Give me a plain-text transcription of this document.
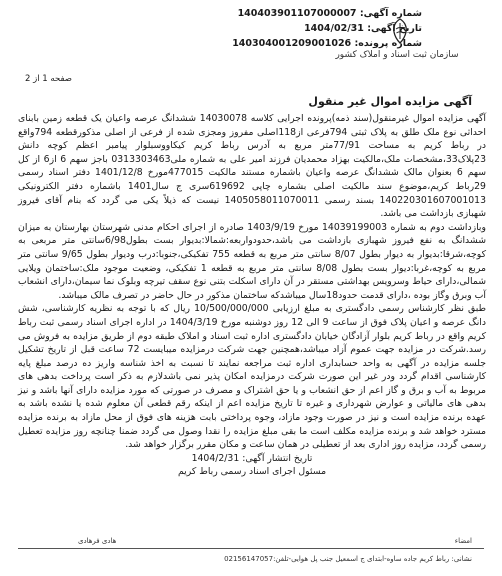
سازمان ثبت اسناد و املاک کشور
شماره آگهی: 140403901107000007
تاریخ آگهی: 1404/02/31
شماره پرونده: 140304001209001026
صفحه 1 از 2
آگهی مزایده اموال غیر منقول

آگهی مزایده اموال غیرمنقول(سند ذمه)پرونده اجرایی کلاسه 14030078 ششدانگ عرصه واعیان یک قطعه زمین بابنای احداثی نوع ملک طلق به پلاک ثبتی 794فرعی از118اصلی مفروز ومجزی شده از فرعی از اصلی مذکورقطعه 794واقع در رباط کریم به مساحت 77/91متر مربع به آدرس رباط کریم کیکاووسبلوار پیامبر اعظم کوچه دانش 23پلاک33،مشخصات ملک،مالکیت بهزاد محمدیان فرزند امیر علی به شماره ملی0313303463 باجز سهم 6 از6 از کل سهم 6 بعنوان مالک ششدانگ عرصه واعیان باشماره مستند مالکیت 477015مورخ 1401/12/8 دفتر اسناد رسمی 29رباط کریم،موضوع سند مالکیت اصلی بشماره چاپی 619692سری ج سال1401 باشماره دفتر الکترونیکی 140220301607001013 بسند رسمی 1405058011070011 نیست که ذیلاً یکی می گردد که بنام آقای فیروز شهبازی بازداشت می باشد.

وبازداشت دوم به شماره 14039199003 مورخ 1403/9/19 صادره از اجرای احکام مدنی شهرستان بهارستان به میزان ششدانگ به نفع فیروز شهبازی بازداشت می باشد،حدودواربعه:شمالا:بدیوار بست بطول6/98سانتی متر مربعی به کوچه،شرقا:بدیوار به دیوار بطول 8/07 سانتی متر مربع به قطعه 755 تفکیکی،جنوبا:درب ودیوار بطول 9/65 سانتی متر مربع به کوچه،غربا:دیوار بست بطول 8/08 سانتی متر مربع به قطعه 1 تفکیکی، وضعیت موجود ملک:ساختمان ویلایی شمالی،دارای حیاط وسرویس بهداشتی مستقر در آن دارای اسکلت بتنی نوع سقف تیرچه وبلوک نما سیمان،دارای انشعاب آب وبرق وگاز بوده ،دارای قدمت حدود18سال میباشدکه ساختمان مذکور در حال حاضر در تصرف مالک میباشد.

طبق نظر کارشناس رسمی دادگستری به مبلغ ارزیابی 10/500/000/000 ریال که با توجه به نظریه کارشناسی، شش دانگ عرصه و اعیان پلاک فوق از ساعت 9 الی 12 روز دوشنبه مورخ 1404/3/19 در اداره اجرای اسناد رسمی ثبت رباط کریم واقع در رباط کریم بلوار آزادگان خیابان دادگستری اداره ثبت اسناد و املاک طبقه دوم از طریق مزایده به فروش می رسد.شرکت در مزایده جهت عموم آزاد میباشد،همچنین جهت شرکت درمزایده میبایست 72 ساعت قبل از تاریخ تشکیل جلسه مزایده در آگهی به واحد حسابداری اداره ثبت مراجعه نمایند تا نسبت به اخذ شناسه واریز ده درصد مبلغ پایه کارشناسی اقدام گردد ودر غیر این صورت شرکت درمزایده امکان پذیر نمی باشدلازم به ذکر است پرداخت بدهی های مربوط به آب و برق و گاز اعم از حق انشعاب و یا حق اشتراک و مصرف در صورتی که مورد مزایده دارای آنها باشد و نیز بدهی های مالیاتی و عوارض شهرداری و غیره تا تاریخ مزایده اعم از اینکه رقم قطعی آن معلوم شده یا نشده باشد به عهده برنده مزایده است و نیز در صورت وجود مازاد، وجوه پرداختی بابت هزینه های فوق از محل مازاد به برنده مزایده مسترد خواهد شد و برنده مزایده مکلف است ما بقی مبلغ مزایده را نقدا وصول می گردد ضمنا چنانچه روز مزایده تعطیل رسمی گردد، مزایده روز اداری بعد از تعطیلی در همان ساعت و مکان مقرر برگزار خواهد شد.

تاریخ انتشار آگهی: 1404/2/31

مسئول اجرای اسناد رسمی رباط کریم

امضاء
هادی فرهادی
نشانی: رباط کریم جاده ساوه-ابتدای ج اسمعیل جنب پل هوایی-تلفن:02156147057
